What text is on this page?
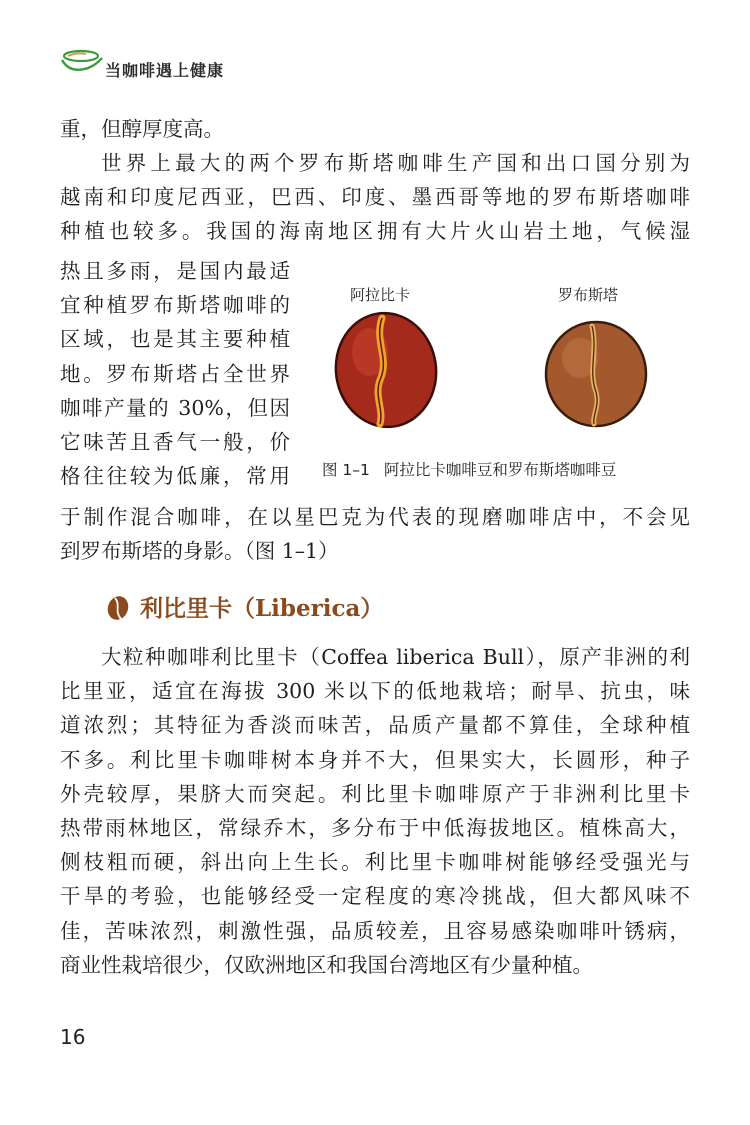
当咖啡遇上健康

重，但醇厚度高。

世界上最大的两个罗布斯塔咖啡生产国和出口国分别为
越南和印度尼西亚，巴西、印度、墨西哥等地的罗布斯塔咖啡
种植也较多。我国的海南地区拥有大片火山岩土地，气候湿

热且多雨，是国内最适
宜种植罗布斯塔咖啡的
区域，也是其主要种植
地。罗布斯塔占全世界
咖啡产量的 30%，但因
它味苦且香气一般，价
格往往较为低廉，常用

于制作混合咖啡，在以星巴克为代表的现磨咖啡店中，不会见
到罗布斯塔的身影。（图 1–1）

阿拉比卡	罗布斯塔
图 1–1 阿拉比卡咖啡豆和罗布斯塔咖啡豆
利比里卡（Liberica）

大粒种咖啡利比里卡（Coffea liberica Bull），原产非洲的利
比里亚，适宜在海拔 300 米以下的低地栽培；耐旱、抗虫，味
道浓烈；其特征为香淡而味苦，品质产量都不算佳，全球种植
不多。利比里卡咖啡树本身并不大，但果实大，长圆形，种子
外壳较厚，果脐大而突起。利比里卡咖啡原产于非洲利比里卡
热带雨林地区，常绿乔木，多分布于中低海拔地区。植株高大，
侧枝粗而硬，斜出向上生长。利比里卡咖啡树能够经受强光与
干旱的考验，也能够经受一定程度的寒冷挑战，但大都风味不
佳，苦味浓烈，刺激性强，品质较差，且容易感染咖啡叶锈病，
商业性栽培很少，仅欧洲地区和我国台湾地区有少量种植。

16
